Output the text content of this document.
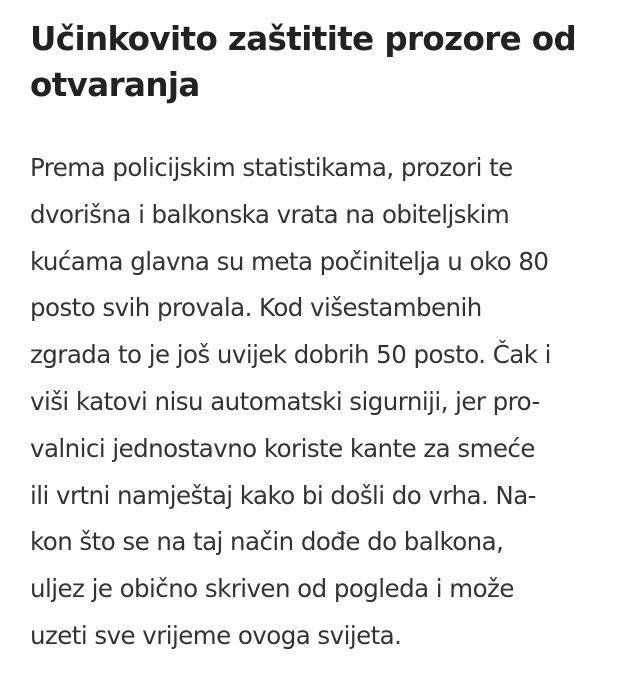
Učinkovito zaštitite prozore od
otvaranja

Prema policijskim statistikama, prozori te
dvorišna i balkonska vrata na obiteljskim
kućama glavna su meta počinitelja u oko 80
posto svih provala. Kod višestambenih
zgrada to je još uvijek dobrih 50 posto. Čak i
viši katovi nisu automatski sigurniji, jer pro-
valnici jednostavno koriste kante za smeće
ili vrtni namještaj kako bi došli do vrha. Na-
kon što se na taj način dođe do balkona,
uljez je obično skriven od pogleda i može
uzeti sve vrijeme ovoga svijeta.
